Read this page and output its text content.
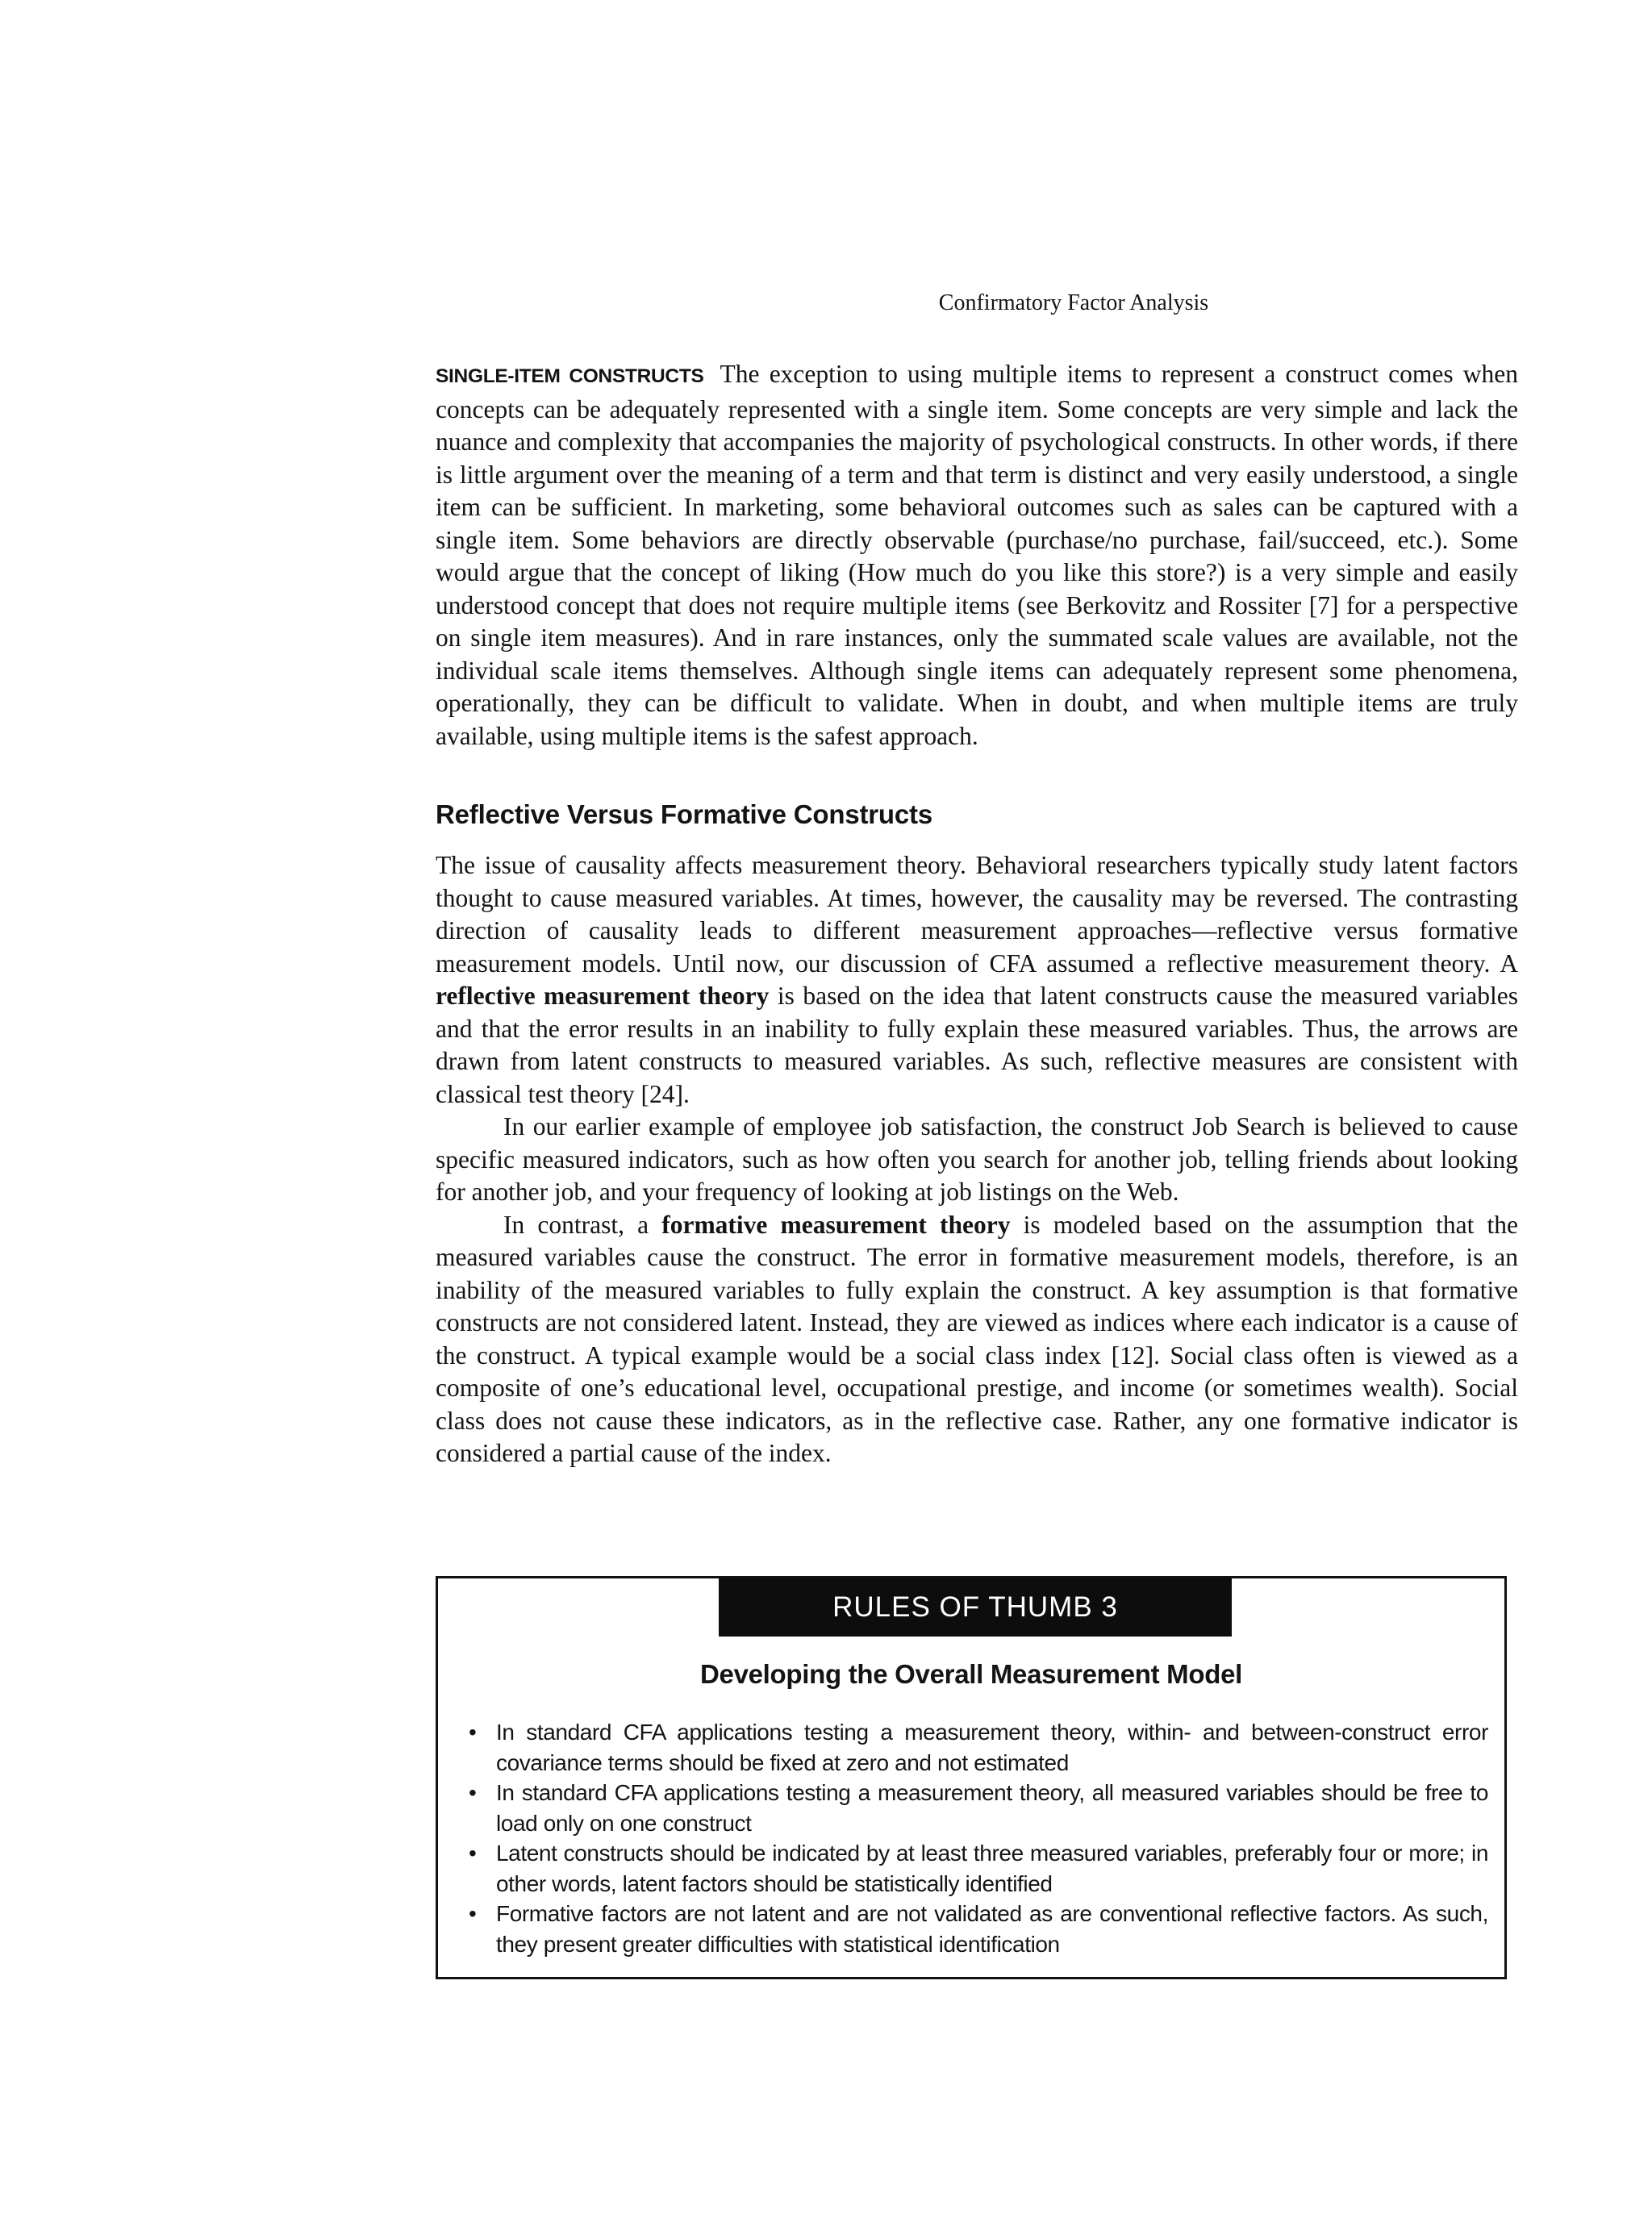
Confirmatory Factor Analysis

SINGLE-ITEM CONSTRUCTS The exception to using multiple items to represent a construct comes when concepts can be adequately represented with a single item. Some concepts are very simple and lack the nuance and complexity that accompanies the majority of psychological constructs. In other words, if there is little argument over the meaning of a term and that term is distinct and very easily understood, a single item can be sufficient. In marketing, some behavioral outcomes such as sales can be captured with a single item. Some behaviors are directly observable (purchase/no purchase, fail/succeed, etc.). Some would argue that the concept of liking (How much do you like this store?) is a very simple and easily understood concept that does not require multiple items (see Berkovitz and Rossiter [7] for a perspective on single item measures). And in rare instances, only the summated scale values are available, not the individual scale items themselves. Although single items can adequately represent some phenomena, operationally, they can be difficult to validate. When in doubt, and when multiple items are truly available, using multiple items is the safest approach.

Reflective Versus Formative Constructs

The issue of causality affects measurement theory. Behavioral researchers typically study latent factors thought to cause measured variables. At times, however, the causality may be reversed. The contrasting direction of causality leads to different measurement approaches—reflective versus formative measurement models. Until now, our discussion of CFA assumed a reflective measurement theory. A reflective measurement theory is based on the idea that latent constructs cause the measured variables and that the error results in an inability to fully explain these measured variables. Thus, the arrows are drawn from latent constructs to measured variables. As such, reflective measures are consistent with classical test theory [24].

In our earlier example of employee job satisfaction, the construct Job Search is believed to cause specific measured indicators, such as how often you search for another job, telling friends about looking for another job, and your frequency of looking at job listings on the Web.

In contrast, a formative measurement theory is modeled based on the assumption that the measured variables cause the construct. The error in formative measurement models, therefore, is an inability of the measured variables to fully explain the construct. A key assumption is that formative constructs are not considered latent. Instead, they are viewed as indices where each indicator is a cause of the construct. A typical example would be a social class index [12]. Social class often is viewed as a composite of one’s educational level, occupational prestige, and income (or sometimes wealth). Social class does not cause these indicators, as in the reflective case. Rather, any one formative indicator is considered a partial cause of the index.

RULES OF THUMB 3
Developing the Overall Measurement Model
• In standard CFA applications testing a measurement theory, within- and between-construct error covariance terms should be fixed at zero and not estimated
• In standard CFA applications testing a measurement theory, all measured variables should be free to load only on one construct
• Latent constructs should be indicated by at least three measured variables, preferably four or more; in other words, latent factors should be statistically identified
• Formative factors are not latent and are not validated as are conventional reflective factors. As such, they present greater difficulties with statistical identification
